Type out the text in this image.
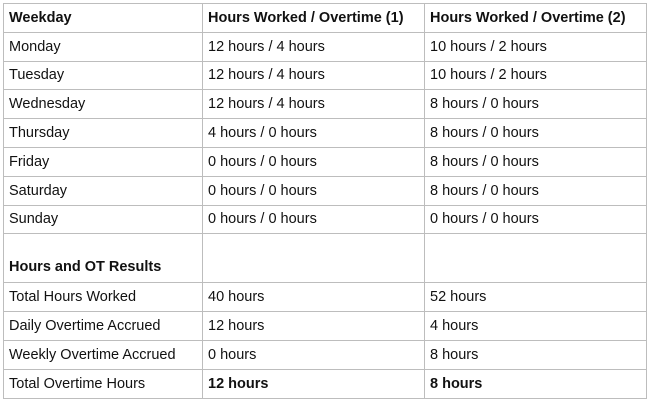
Weekday	Hours Worked / Overtime (1)	Hours Worked / Overtime (2)
Monday	12 hours / 4 hours	10 hours / 2 hours
Tuesday	12 hours / 4 hours	10 hours / 2 hours
Wednesday	12 hours / 4 hours	8 hours / 0 hours
Thursday	4 hours / 0 hours	8 hours / 0 hours
Friday	0 hours / 0 hours	8 hours / 0 hours
Saturday	0 hours / 0 hours	8 hours / 0 hours
Sunday	0 hours / 0 hours	0 hours / 0 hours
Hours and OT Results		
Total Hours Worked	40 hours	52 hours
Daily Overtime Accrued	12 hours	4 hours
Weekly Overtime Accrued	0 hours	8 hours
Total Overtime Hours	12 hours	8 hours
